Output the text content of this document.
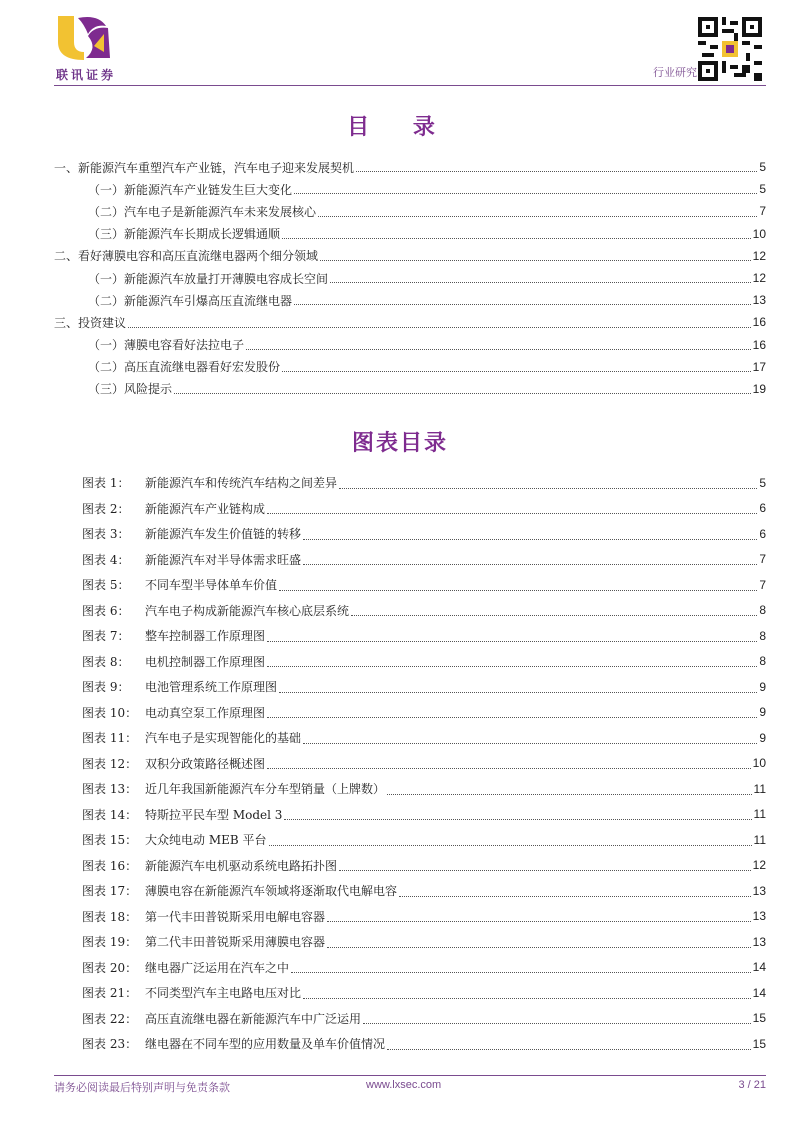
联讯证券	行业研究
目 录
一、新能源汽车重塑汽车产业链，汽车电子迎来发展契机	5
（一）新能源汽车产业链发生巨大变化	5
（二）汽车电子是新能源汽车未来发展核心	7
（三）新能源汽车长期成长逻辑通顺	10
二、看好薄膜电容和高压直流继电器两个细分领域	12
（一）新能源汽车放量打开薄膜电容成长空间	12
（二）新能源汽车引爆高压直流继电器	13
三、投资建议	16
（一）薄膜电容看好法拉电子	16
（二）高压直流继电器看好宏发股份	17
（三）风险提示	19
图表目录
图表 1：	新能源汽车和传统汽车结构之间差异	5
图表 2：	新能源汽车产业链构成	6
图表 3：	新能源汽车发生价值链的转移	6
图表 4：	新能源汽车对半导体需求旺盛	7
图表 5：	不同车型半导体单车价值	7
图表 6：	汽车电子构成新能源汽车核心底层系统	8
图表 7：	整车控制器工作原理图	8
图表 8：	电机控制器工作原理图	8
图表 9：	电池管理系统工作原理图	9
图表 10： 电动真空泵工作原理图	9
图表 11： 汽车电子是实现智能化的基础	9
图表 12： 双积分政策路径概述图	10
图表 13： 近几年我国新能源汽车分车型销量（上牌数）	11
图表 14： 特斯拉平民车型 Model 3	11
图表 15： 大众纯电动 MEB 平台	11
图表 16： 新能源汽车电机驱动系统电路拓扑图	12
图表 17： 薄膜电容在新能源汽车领域将逐渐取代电解电容	13
图表 18： 第一代丰田普锐斯采用电解电容器	13
图表 19： 第二代丰田普锐斯采用薄膜电容器	13
图表 20： 继电器广泛运用在汽车之中	14
图表 21： 不同类型汽车主电路电压对比	14
图表 22： 高压直流继电器在新能源汽车中广泛运用	15
图表 23： 继电器在不同车型的应用数量及单车价值情况	15
请务必阅读最后特别声明与免责条款	www.lxsec.com	3 / 21
